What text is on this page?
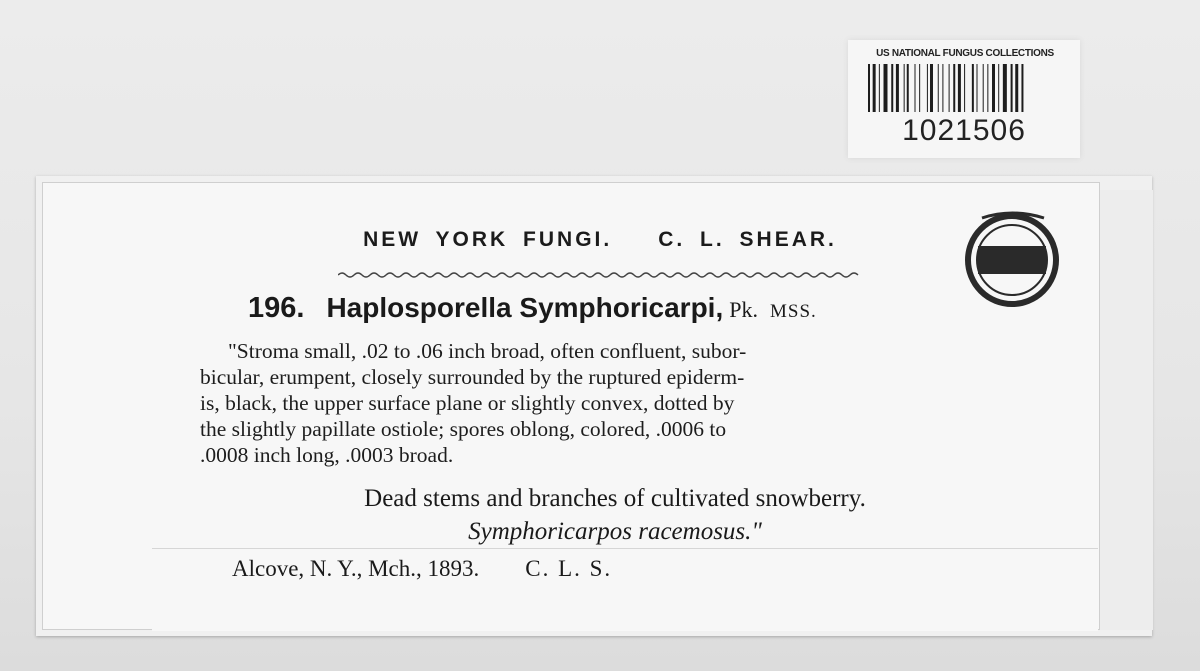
US NATIONAL FUNGUS COLLECTIONS
1021506
NEW YORK FUNGI. C. L. SHEAR.
196. Haplosporella Symphoricarpi, Pk. MSS.
"Stroma small, .02 to .06 inch broad, often confluent, subor-
bicular, erumpent, closely surrounded by the ruptured epiderm-
is, black, the upper surface plane or slightly convex, dotted by
the slightly papillate ostiole; spores oblong, colored, .0006 to
.0008 inch long, .0003 broad.
Dead stems and branches of cultivated snowberry.
Symphoricarpos racemosus."
Alcove, N. Y., Mch., 1893. C. L. S.
